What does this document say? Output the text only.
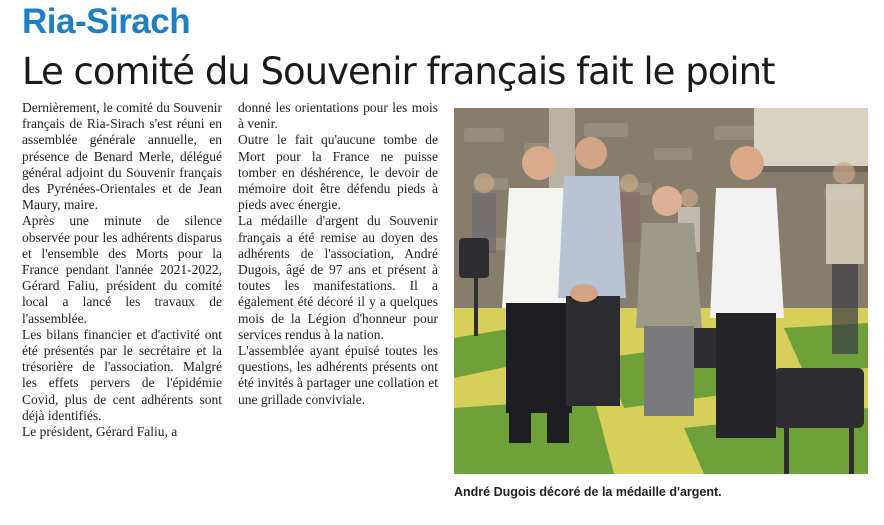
Ria-Sirach
Le comité du Souvenir français fait le point

Dernièrement, le comité du Souvenir français de Ria-Sirach s'est réuni en assemblée générale annuelle, en présence de Benard Merle, délégué général adjoint du Souvenir français des Pyrénées-Orientales et de Jean Maury, maire.

Après une minute de silence observée pour les adhérents disparus et l'ensemble des Morts pour la France pendant l'année 2021-2022, Gérard Faliu, président du comité local a lancé les travaux de l'assemblée.

Les bilans financier et d'activité ont été présentés par le secrétaire et la trésorière de l'association. Malgré les effets pervers de l'épidémie Covid, plus de cent adhérents sont déjà identifiés.

Le président, Gérard Faliu, a

donné les orientations pour les mois à venir.

Outre le fait qu'aucune tombe de Mort pour la France ne puisse tomber en déshérence, le devoir de mémoire doit être défendu pieds à pieds avec énergie.

La médaille d'argent du Souvenir français a été remise au doyen des adhérents de l'association, André Dugois, âgé de 97 ans et présent à toutes les manifestations. Il a également été décoré il y a quelques mois de la Légion d'honneur pour services rendus à la nation.

L'assemblée ayant épuisé toutes les questions, les adhérents présents ont été invités à partager une collation et une grillade conviviale.

André Dugois décoré de la médaille d'argent.
